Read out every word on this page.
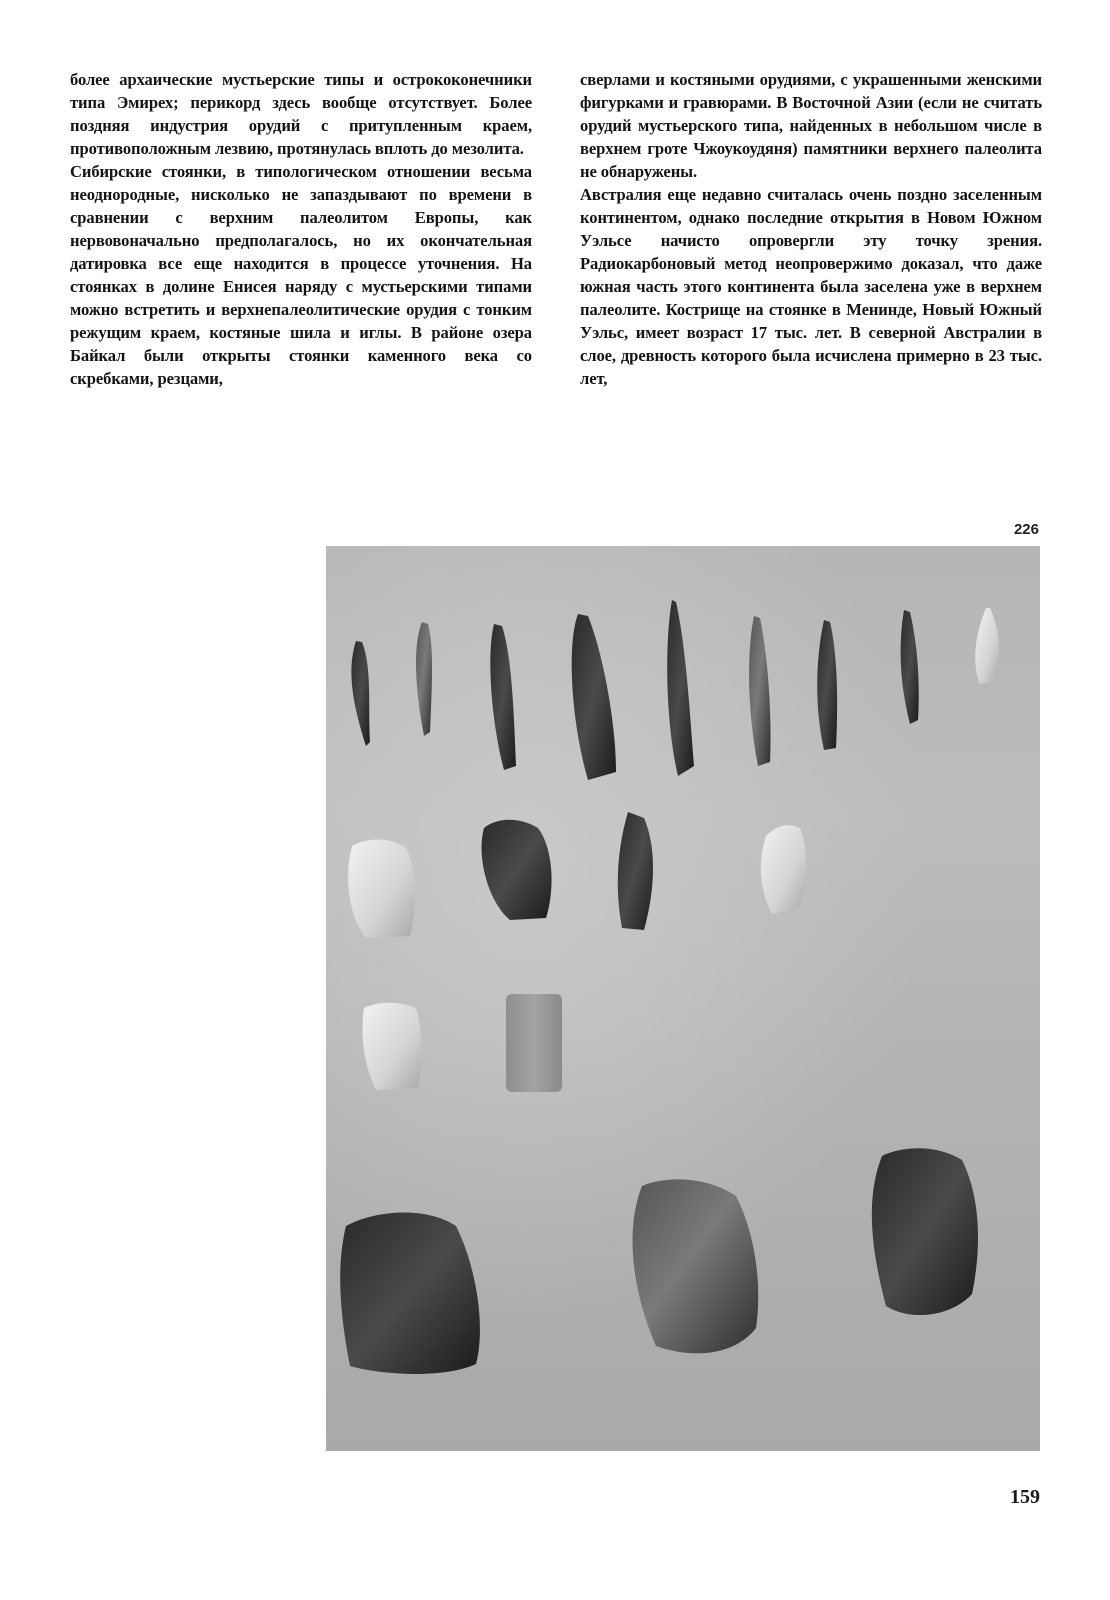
более архаические мустьерские типы и острококонечники типа Эмирех; перикорд здесь вообще отсутствует. Более поздняя индустрия орудий с притупленным краем, противоположным лезвию, протянулась вплоть до мезолита.

Сибирские стоянки, в типологическом отношении весьма неоднородные, нисколько не запаздывают по времени в сравнении с верхним палеолитом Европы, как нервовоначально предполагалось, но их окончательная датировка все еще находится в процессе уточнения. На стоянках в долине Енисея наряду с мустьерскими типами можно встретить и верхнепалеолитические орудия с тонким режущим краем, костяные шила и иглы. В районе озера Байкал были открыты стоянки каменного века со скребками, резцами,

сверлами и костяными орудиями, с украшенными женскими фигурками и гравюрами. В Восточной Азии (если не считать орудий мустьерского типа, найденных в небольшом числе в верхнем гроте Чжоукоудяня) памятники верхнего палеолита не обнаружены.

Австралия еще недавно считалась очень поздно заселенным континентом, однако последние открытия в Новом Южном Уэльсе начисто опровергли эту точку зрения. Радиокарбоновый метод неопровержимо доказал, что даже южная часть этого континента была заселена уже в верхнем палеолите. Кострище на стоянке в Мениндe, Новый Южный Уэльс, имеет возраст 17 тыс. лет. В северной Австралии в слое, древность которого была исчислена примерно в 23 тыс. лет,

226
159
